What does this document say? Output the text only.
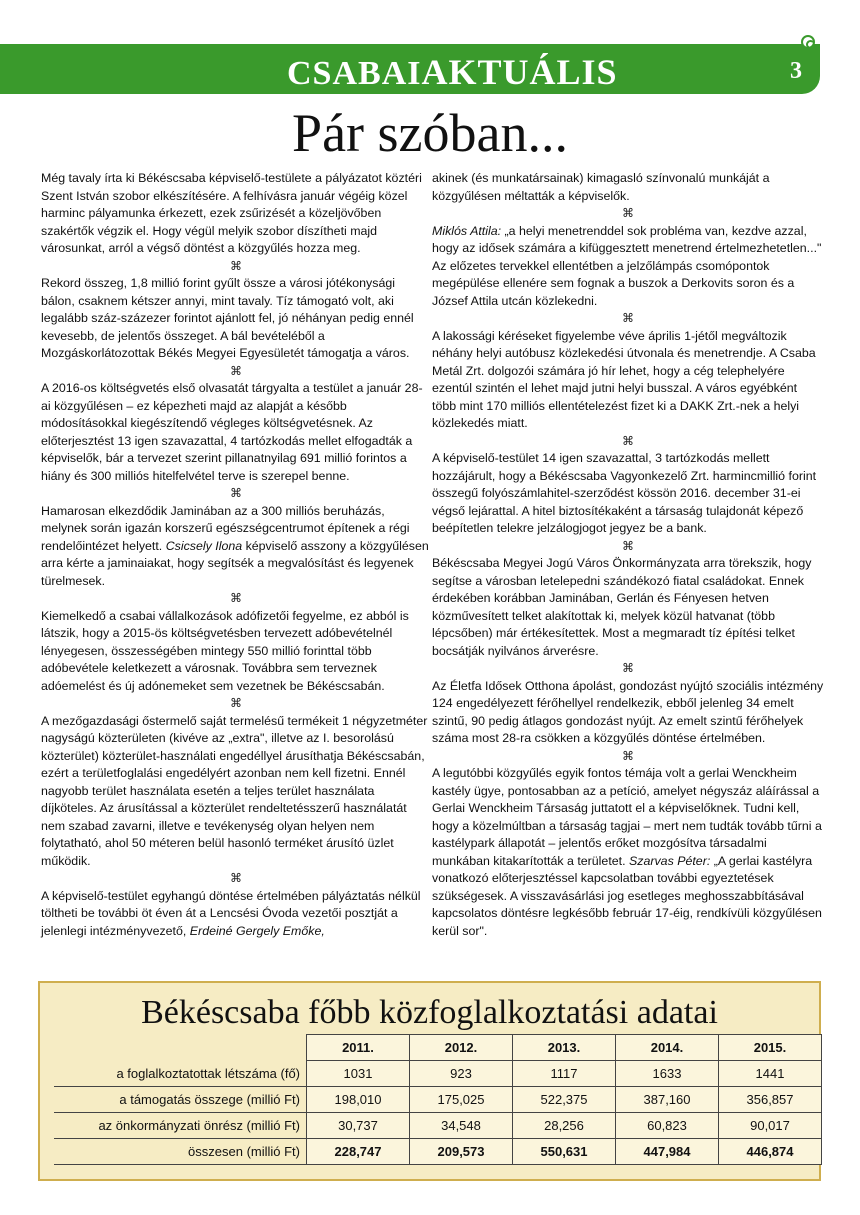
CSABAIAKTUÁLIS	3
Pár szóban...

Még tavaly írta ki Békéscsaba képviselő-testülete a pályázatot köztéri Szent István szobor elkészítésére. A felhívásra január végéig közel harminc pályamunka érkezett, ezek zsűrizését a közeljövőben szakértők végzik el. Hogy végül melyik szobor díszítheti majd városunkat, arról a végső döntést a közgyűlés hozza meg.

⌘

Rekord összeg, 1,8 millió forint gyűlt össze a városi jótékonysági bálon, csaknem kétszer annyi, mint tavaly. Tíz támogató volt, aki legalább száz-százezer forintot ajánlott fel, jó néhányan pedig ennél kevesebb, de jelentős összeget. A bál bevételéből a Mozgáskorlátozottak Békés Megyei Egyesületét támogatja a város.

⌘

A 2016-os költségvetés első olvasatát tárgyalta a testület a január 28-ai közgyűlésen – ez képezheti majd az alapját a később módosításokkal kiegészítendő végleges költségvetésnek. Az előterjesztést 13 igen szavazattal, 4 tartózkodás mellet elfogadták a képviselők, bár a tervezet szerint pillanatnyilag 691 millió forintos a hiány és 300 milliós hitelfelvétel terve is szerepel benne.

⌘

Hamarosan elkezdődik Jaminában az a 300 milliós beruházás, melynek során igazán korszerű egészségcentrumot építenek a régi rendelőintézet helyett. Csicsely Ilona képviselő asszony a közgyűlésen arra kérte a jaminaiakat, hogy segítsék a megvalósítást és legyenek türelmesek.

⌘

Kiemelkedő a csabai vállalkozások adófizetői fegyelme, ez abból is látszik, hogy a 2015-ös költségvetésben tervezett adóbevételnél lényegesen, összességében mintegy 550 millió forinttal több adóbevétele keletkezett a városnak. Továbbra sem terveznek adóemelést és új adónemeket sem vezetnek be Békéscsabán.

⌘

A mezőgazdasági őstermelő saját termelésű termékeit 1 négyzetméter nagyságú közterületen (kivéve az „extra", illetve az I. besorolású közterület) közterület-használati engedéllyel árusíthatja Békéscsabán, ezért a területfoglalási engedélyért azonban nem kell fizetni. Ennél nagyobb terület használata esetén a teljes terület használata díjköteles. Az árusítással a közterület rendeltetésszerű használatát nem szabad zavarni, illetve e tevékenység olyan helyen nem folytatható, ahol 50 méteren belül hasonló terméket árusító üzlet működik.

⌘

A képviselő-testület egyhangú döntése értelmében pályáztatás nélkül töltheti be további öt éven át a Lencsési Óvoda vezetői posztját a jelenlegi intézményvezető, Erdeiné Gergely Emőke,

akinek (és munkatársainak) kimagasló színvonalú munkáját a közgyűlésen méltatták a képviselők.

⌘

Miklós Attila: „a helyi menetrenddel sok probléma van, kezdve azzal, hogy az idősek számára a kifüggesztett menetrend értelmezhetetlen..." Az előzetes tervekkel ellentétben a jelzőlámpás csomópontok megépülése ellenére sem fognak a buszok a Derkovits soron és a József Attila utcán közlekedni.

⌘

A lakossági kéréseket figyelembe véve április 1-jétől megváltozik néhány helyi autóbusz közlekedési útvonala és menetrendje. A Csaba Metál Zrt. dolgozói számára jó hír lehet, hogy a cég telephelyére ezentúl szintén el lehet majd jutni helyi busszal. A város egyébként több mint 170 milliós ellentételezést fizet ki a DAKK Zrt.-nek a helyi közlekedés miatt.

⌘

A képviselő-testület 14 igen szavazattal, 3 tartózkodás mellett hozzájárult, hogy a Békéscsaba Vagyonkezelő Zrt. harmincmillió forint összegű folyószámlahitel-szerződést kössön 2016. december 31-ei végső lejárattal. A hitel biztosítékaként a társaság tulajdonát képező beépítetlen telekre jelzálogjogot jegyez be a bank.

⌘

Békéscsaba Megyei Jogú Város Önkormányzata arra törekszik, hogy segítse a városban letelepedni szándékozó fiatal családokat. Ennek érdekében korábban Jaminában, Gerlán és Fényesen hetven közművesített telket alakítottak ki, melyek közül hatvanat (több lépcsőben) már értékesítettek. Most a megmaradt tíz építési telket bocsátják nyilvános árverésre.

⌘

Az Életfa Idősek Otthona ápolást, gondozást nyújtó szociális intézmény 124 engedélyezett férőhellyel rendelkezik, ebből jelenleg 34 emelt szintű, 90 pedig átlagos gondozást nyújt. Az emelt szintű férőhelyek száma most 28-ra csökken a közgyűlés döntése értelmében.

⌘

A legutóbbi közgyűlés egyik fontos témája volt a gerlai Wenckheim kastély ügye, pontosabban az a petíció, amelyet négyszáz aláírással a Gerlai Wenckheim Társaság juttatott el a képviselőknek. Tudni kell, hogy a közelmúltban a társaság tagjai – mert nem tudták tovább tűrni a kastélypark állapotát – jelentős erőket mozgósítva társadalmi munkában kitakarították a területet. Szarvas Péter: „A gerlai kastélyra vonatkozó előterjesztéssel kapcsolatban további egyeztetések szükségesek. A visszavásárlási jog esetleges meghosszabbításával kapcsolatos döntésre legkésőbb február 17-éig, rendkívüli közgyűlésen kerül sor".

Békéscsaba főbb közfoglalkoztatási adatai
	2011.	2012.	2013.	2014.	2015.
a foglalkoztatottak létszáma (fő)	1031	923	1117	1633	1441
a támogatás összege (millió Ft)	198,010	175,025	522,375	387,160	356,857
az önkormányzati önrész (millió Ft)	30,737	34,548	28,256	60,823	90,017
összesen (millió Ft)	228,747	209,573	550,631	447,984	446,874
